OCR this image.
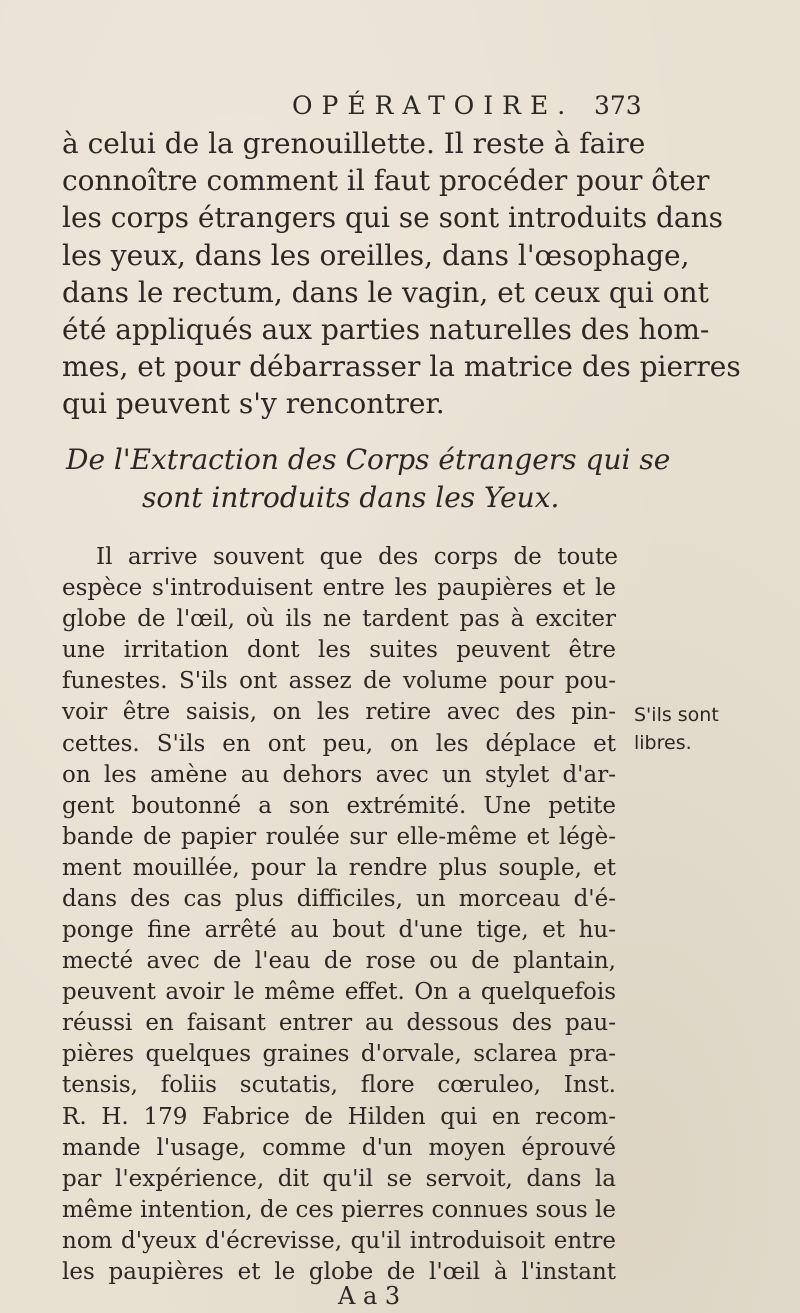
OPÉRATOIRE. 373
à celui de la grenouillette. Il reste à faire
connoître comment il faut procéder pour ôter
les corps étrangers qui se sont introduits dans
les yeux, dans les oreilles, dans l'œsophage,
dans le rectum, dans le vagin, et ceux qui ont
été appliqués aux parties naturelles des hom-
mes, et pour débarrasser la matrice des pierres
qui peuvent s'y rencontrer.
De l'Extraction des Corps étrangers qui se
sont introduits dans les Yeux.
Il arrive souvent que des corps de toute
espèce s'introduisent entre les paupières et le
globe de l'œil, où ils ne tardent pas à exciter
une irritation dont les suites peuvent être
funestes. S'ils ont assez de volume pour pou-
voir être saisis, on les retire avec des pin-
cettes. S'ils en ont peu, on les déplace et
on les amène au dehors avec un stylet d'ar-
gent boutonné a son extrémité. Une petite
bande de papier roulée sur elle-même et légè-
ment mouillée, pour la rendre plus souple, et
dans des cas plus difficiles, un morceau d'é-
ponge fine arrêté au bout d'une tige, et hu-
mecté avec de l'eau de rose ou de plantain,
peuvent avoir le même effet. On a quelquefois
réussi en faisant entrer au dessous des pau-
pières quelques graines d'orvale, sclarea pra-
tensis, foliis scutatis, flore cœruleo, Inst.
R. H. 179 Fabrice de Hilden qui en recom-
mande l'usage, comme d'un moyen éprouvé
par l'expérience, dit qu'il se servoit, dans la
S'ils sont
libres.
même intention, de ces pierres connues sous le
nom d'yeux d'écrevisse, qu'il introduisoit entre
les paupières et le globe de l'œil à l'instant
A a 3
